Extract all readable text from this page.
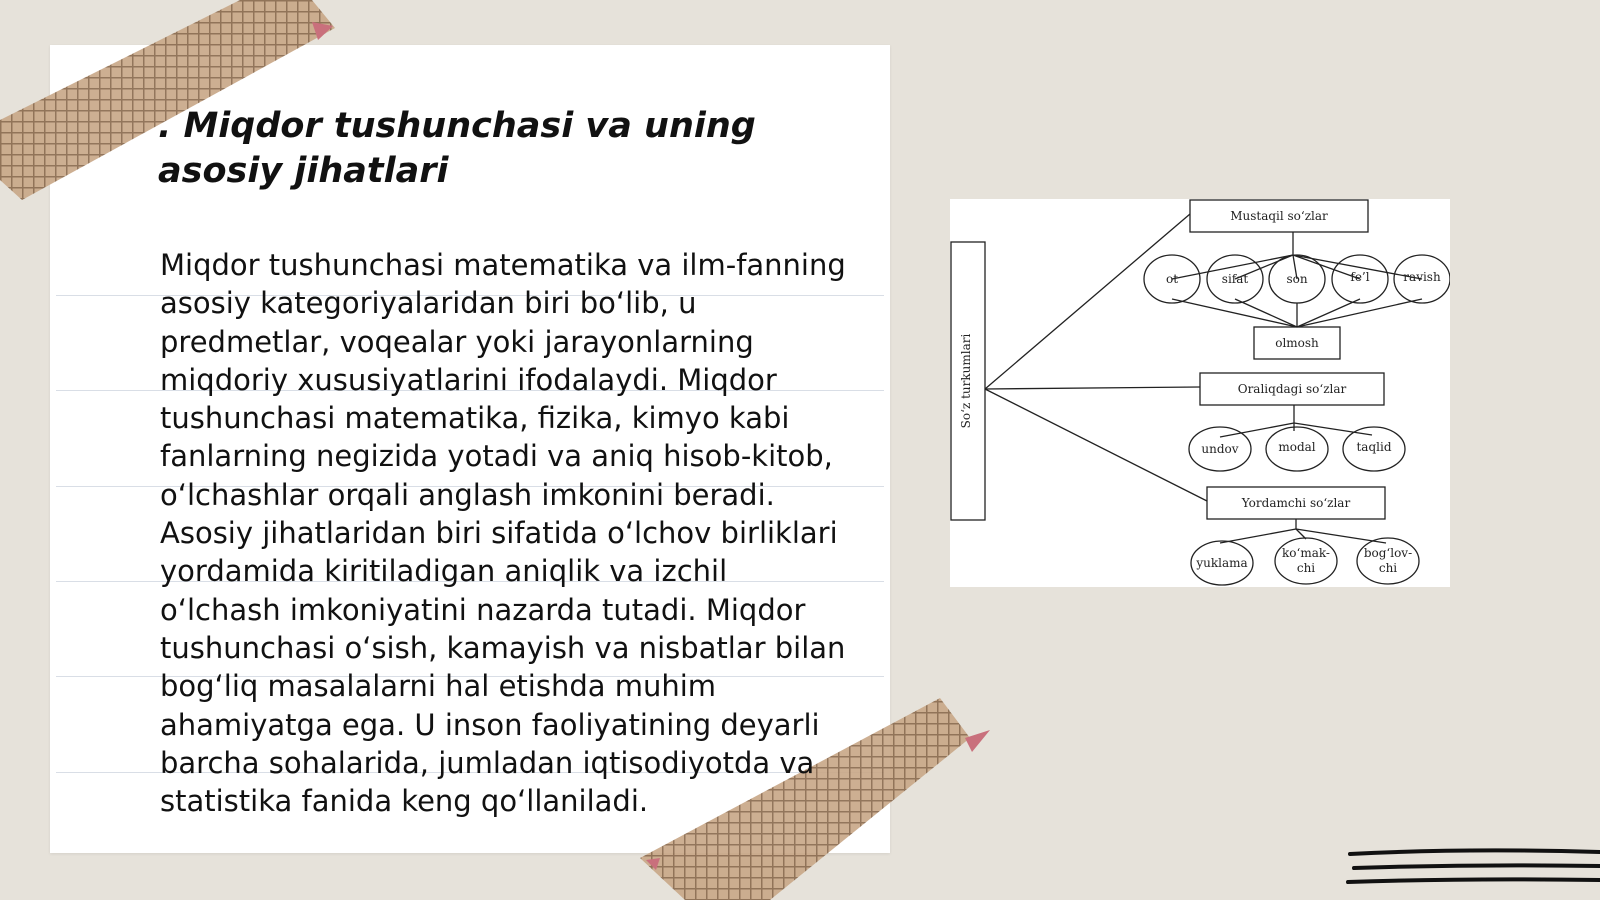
. Miqdor tushunchasi va uning asosiy jihatlari

Miqdor tushunchasi matematika va ilm-fanning asosiy kategoriyalaridan biri bo‘lib, u predmetlar, voqealar yoki jarayonlarning miqdoriy xususiyatlarini ifodalaydi. Miqdor tushunchasi matematika, fizika, kimyo kabi fanlarning negizida yotadi va aniq hisob-kitob, o‘lchashlar orqali anglash imkonini beradi. Asosiy jihatlaridan biri sifatida o‘lchov birliklari yordamida kiritiladigan aniqlik va izchil o‘lchash imkoniyatini nazarda tutadi. Miqdor tushunchasi o‘sish, kamayish va nisbatlar bilan bog‘liq masalalarni hal etishda muhim ahamiyatga ega. U inson faoliyatining deyarli barcha sohalarida, jumladan iqtisodiyotda va statistika fanida keng qo‘llaniladi.

So‘z turkumlari
Mustaqil so‘zlar
ot	sifat	son	fe’l	ravish
olmosh
Oraliqdagi so‘zlar
undov	modal	taqlid
Yordamchi so‘zlar
yuklama
ko‘mak-
chi
bog‘lov-
chi
